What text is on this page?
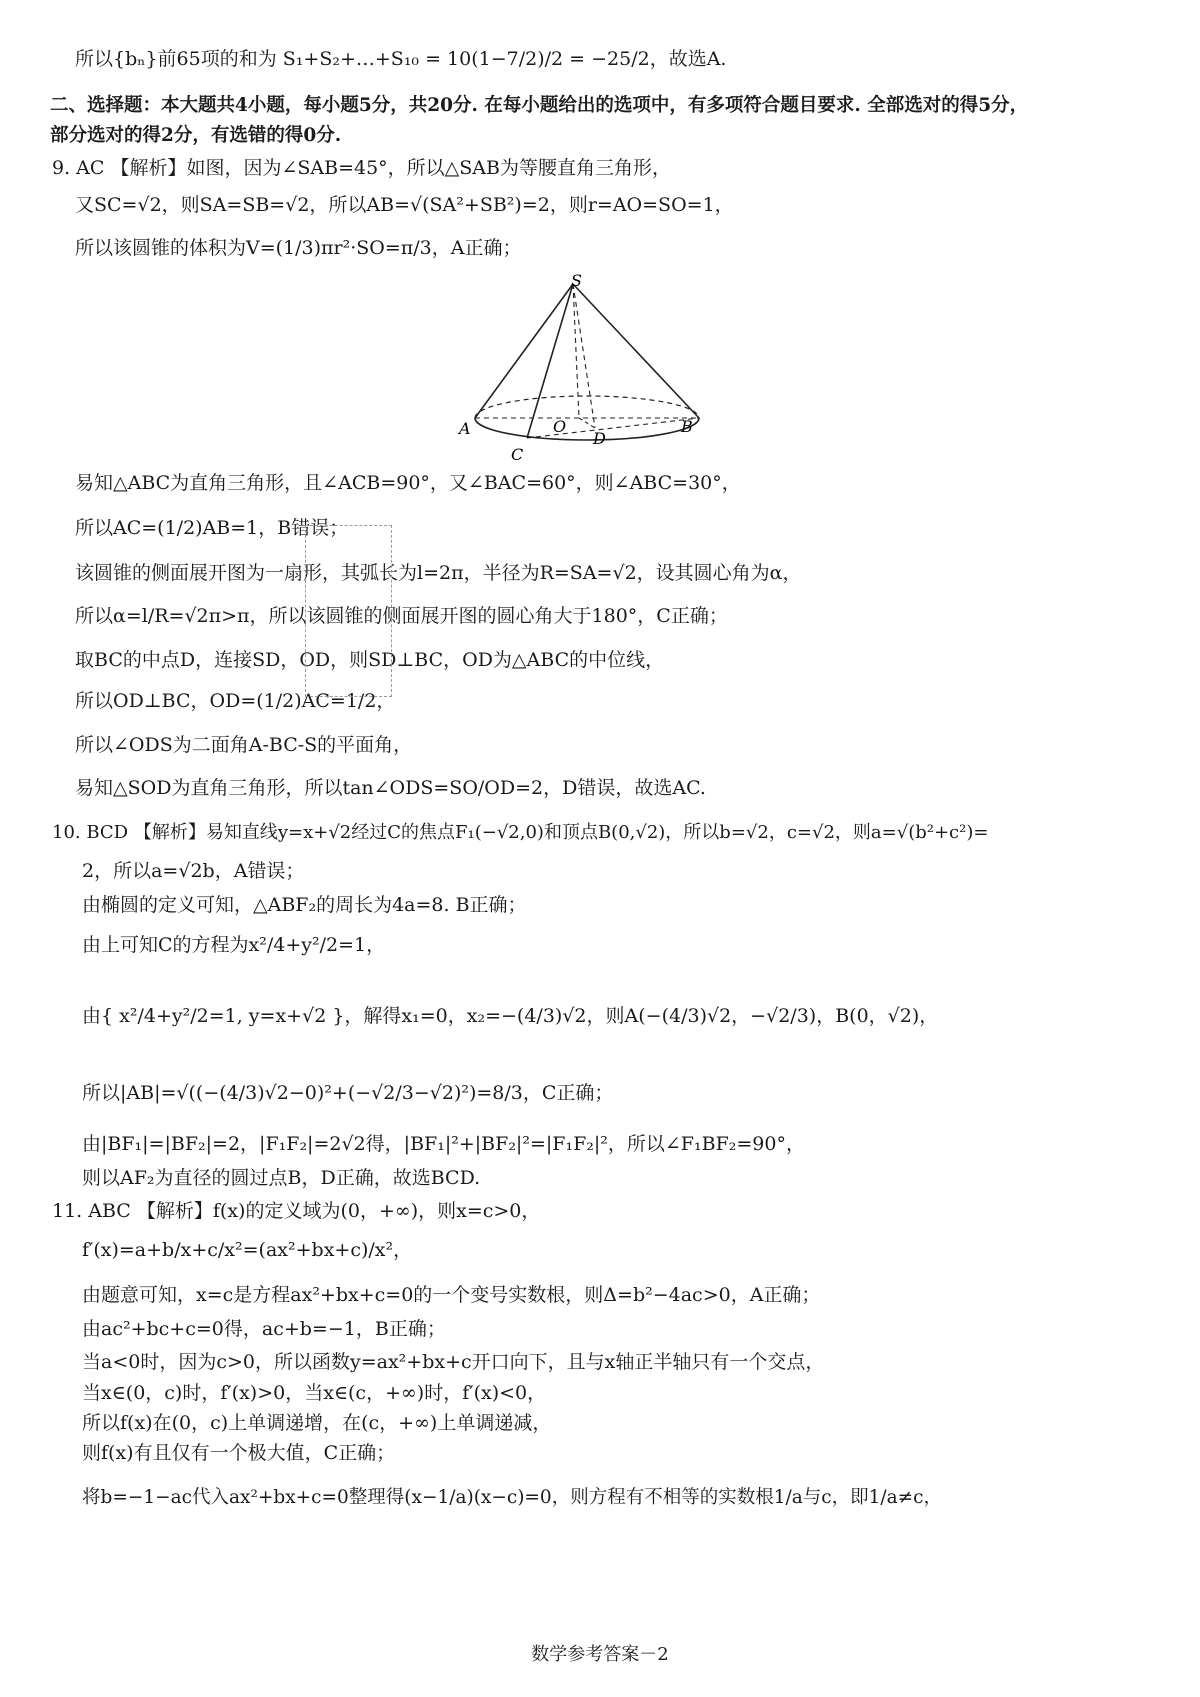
所以{bₙ}前65项的和为 S₁+S₂+…+S₁₀ = 10(1−7/2)/2 = −25/2，故选A.
二、选择题：本大题共4小题，每小题5分，共20分. 在每小题给出的选项中，有多项符合题目要求. 全部选对的得5分，
部分选对的得2分，有选错的得0分.
9. AC 【解析】如图，因为∠SAB=45°，所以△SAB为等腰直角三角形，
又SC=√2，则SA=SB=√2，所以AB=√(SA²+SB²)=2，则r=AO=SO=1，
所以该圆锥的体积为V=(1/3)πr²·SO=π/3，A正确；
S
A	B
C
O
D
易知△ABC为直角三角形，且∠ACB=90°，又∠BAC=60°，则∠ABC=30°，
所以AC=(1/2)AB=1，B错误；
该圆锥的侧面展开图为一扇形，其弧长为l=2π，半径为R=SA=√2，设其圆心角为α，
所以α=l/R=√2π>π，所以该圆锥的侧面展开图的圆心角大于180°，C正确；
取BC的中点D，连接SD，OD，则SD⊥BC，OD为△ABC的中位线，
所以OD⊥BC，OD=(1/2)AC=1/2，
所以∠ODS为二面角A-BC-S的平面角，
易知△SOD为直角三角形，所以tan∠ODS=SO/OD=2，D错误，故选AC.
10. BCD 【解析】易知直线y=x+√2经过C的焦点F₁(−√2,0)和顶点B(0,√2)，所以b=√2，c=√2，则a=√(b²+c²)=
2，所以a=√2b，A错误；
由椭圆的定义可知，△ABF₂的周长为4a=8. B正确；
由上可知C的方程为x²/4+y²/2=1，
由{ x²/4+y²/2=1, y=x+√2 }，解得x₁=0，x₂=−(4/3)√2，则A(−(4/3)√2，−√2/3)，B(0，√2)，
所以|AB|=√((−(4/3)√2−0)²+(−√2/3−√2)²)=8/3，C正确；
由|BF₁|=|BF₂|=2，|F₁F₂|=2√2得，|BF₁|²+|BF₂|²=|F₁F₂|²，所以∠F₁BF₂=90°，
则以AF₂为直径的圆过点B，D正确，故选BCD.
11. ABC 【解析】f(x)的定义域为(0，+∞)，则x=c>0，
f′(x)=a+b/x+c/x²=(ax²+bx+c)/x²，
由题意可知，x=c是方程ax²+bx+c=0的一个变号实数根，则Δ=b²−4ac>0，A正确；
由ac²+bc+c=0得，ac+b=−1，B正确；
当a<0时，因为c>0，所以函数y=ax²+bx+c开口向下，且与x轴正半轴只有一个交点，
当x∈(0，c)时，f′(x)>0，当x∈(c，+∞)时，f′(x)<0，
所以f(x)在(0，c)上单调递增，在(c，+∞)上单调递减，
则f(x)有且仅有一个极大值，C正确；
将b=−1−ac代入ax²+bx+c=0整理得(x−1/a)(x−c)=0，则方程有不相等的实数根1/a与c，即1/a≠c，
数学参考答案－2
